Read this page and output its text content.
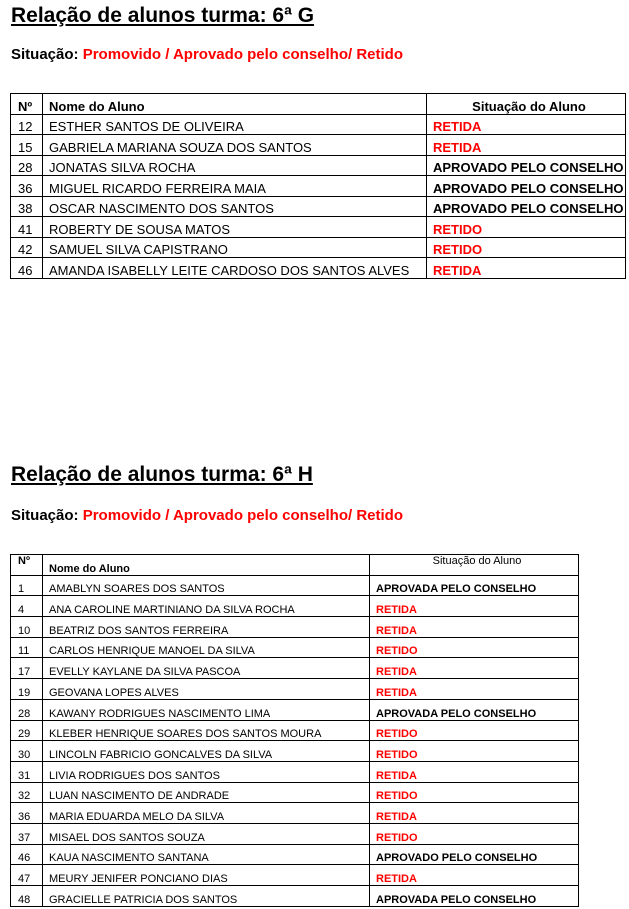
Relação de alunos turma: 6ª G
Situação: Promovido / Aprovado pelo conselho/ Retido
Nº	Nome do Aluno	Situação do Aluno
12	ESTHER SANTOS DE OLIVEIRA	RETIDA
15	GABRIELA MARIANA SOUZA DOS SANTOS	RETIDA
28	JONATAS SILVA ROCHA	APROVADO PELO CONSELHO
36	MIGUEL RICARDO FERREIRA MAIA	APROVADO PELO CONSELHO
38	OSCAR NASCIMENTO DOS SANTOS	APROVADO PELO CONSELHO
41	ROBERTY DE SOUSA MATOS	RETIDO
42	SAMUEL SILVA CAPISTRANO	RETIDO
46	AMANDA ISABELLY LEITE CARDOSO DOS SANTOS ALVES	RETIDA
Relação de alunos turma: 6ª H
Situação: Promovido / Aprovado pelo conselho/ Retido
Nº	Nome do Aluno	Situação do Aluno
1	AMABLYN SOARES DOS SANTOS	APROVADA PELO CONSELHO
4	ANA CAROLINE MARTINIANO DA SILVA ROCHA	RETIDA
10	BEATRIZ DOS SANTOS FERREIRA	RETIDA
11	CARLOS HENRIQUE MANOEL DA SILVA	RETIDO
17	EVELLY KAYLANE DA SILVA PASCOA	RETIDA
19	GEOVANA LOPES ALVES	RETIDA
28	KAWANY RODRIGUES NASCIMENTO LIMA	APROVADA PELO CONSELHO
29	KLEBER HENRIQUE SOARES DOS SANTOS MOURA	RETIDO
30	LINCOLN FABRICIO GONCALVES DA SILVA	RETIDO
31	LIVIA RODRIGUES DOS SANTOS	RETIDA
32	LUAN NASCIMENTO DE ANDRADE	RETIDO
36	MARIA EDUARDA MELO DA SILVA	RETIDA
37	MISAEL DOS SANTOS SOUZA	RETIDO
46	KAUA NASCIMENTO SANTANA	APROVADO PELO CONSELHO
47	MEURY JENIFER PONCIANO DIAS	RETIDA
48	GRACIELLE PATRICIA DOS SANTOS	APROVADA PELO CONSELHO
